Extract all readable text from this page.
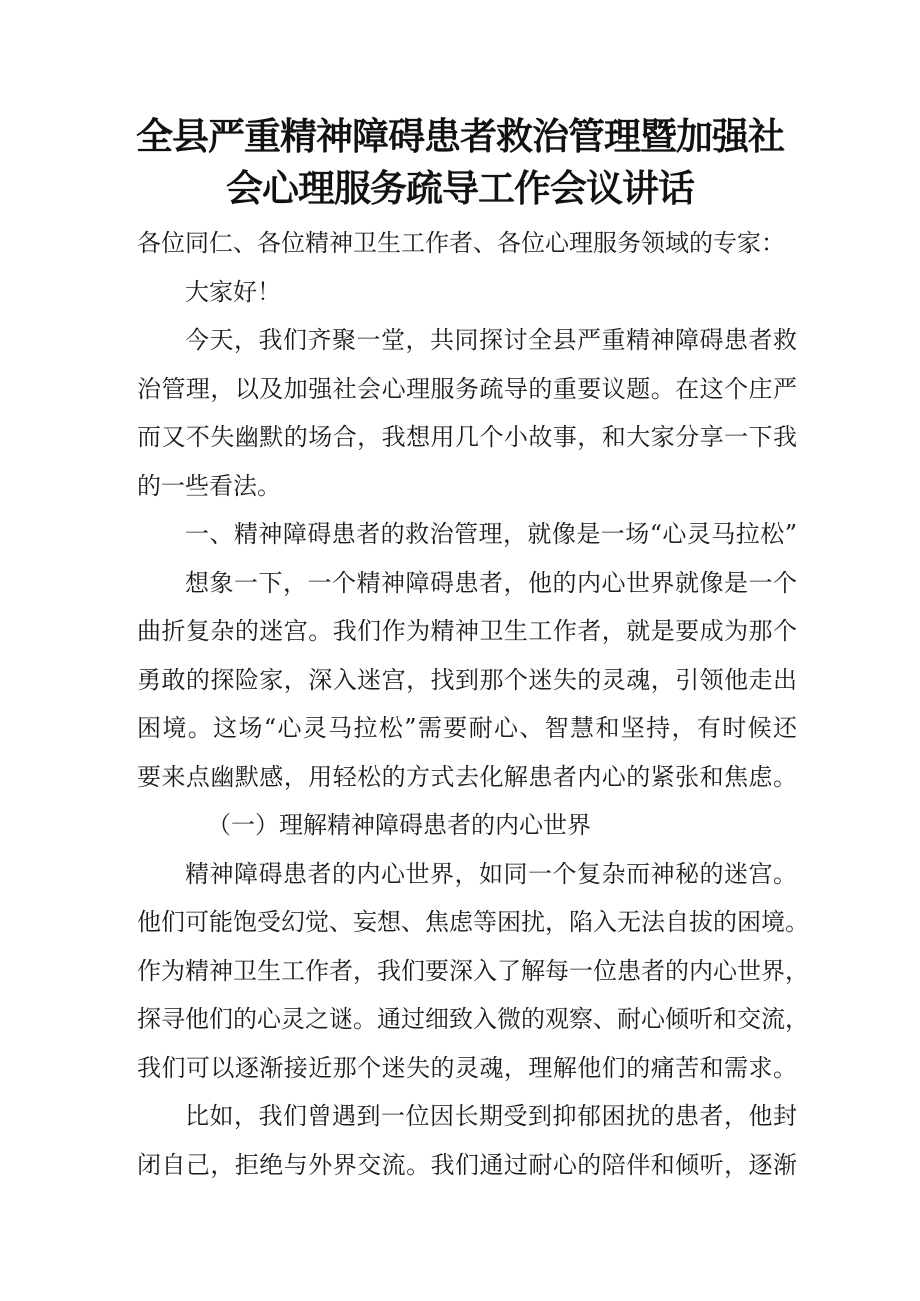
全县严重精神障碍患者救治管理暨加强社
会心理服务疏导工作会议讲话
各位同仁、各位精神卫生工作者、各位心理服务领域的专家：
大家好！
今天，我们齐聚一堂，共同探讨全县严重精神障碍患者救
治管理，以及加强社会心理服务疏导的重要议题。在这个庄严
而又不失幽默的场合，我想用几个小故事，和大家分享一下我
的一些看法。
一、精神障碍患者的救治管理，就像是一场“心灵马拉松”
想象一下，一个精神障碍患者，他的内心世界就像是一个
曲折复杂的迷宫。我们作为精神卫生工作者，就是要成为那个
勇敢的探险家，深入迷宫，找到那个迷失的灵魂，引领他走出
困境。这场“心灵马拉松”需要耐心、智慧和坚持，有时候还
要来点幽默感，用轻松的方式去化解患者内心的紧张和焦虑。
（一）理解精神障碍患者的内心世界
精神障碍患者的内心世界，如同一个复杂而神秘的迷宫。
他们可能饱受幻觉、妄想、焦虑等困扰，陷入无法自拔的困境。
作为精神卫生工作者，我们要深入了解每一位患者的内心世界，
探寻他们的心灵之谜。通过细致入微的观察、耐心倾听和交流，
我们可以逐渐接近那个迷失的灵魂，理解他们的痛苦和需求。
比如，我们曾遇到一位因长期受到抑郁困扰的患者，他封
闭自己，拒绝与外界交流。我们通过耐心的陪伴和倾听，逐渐
